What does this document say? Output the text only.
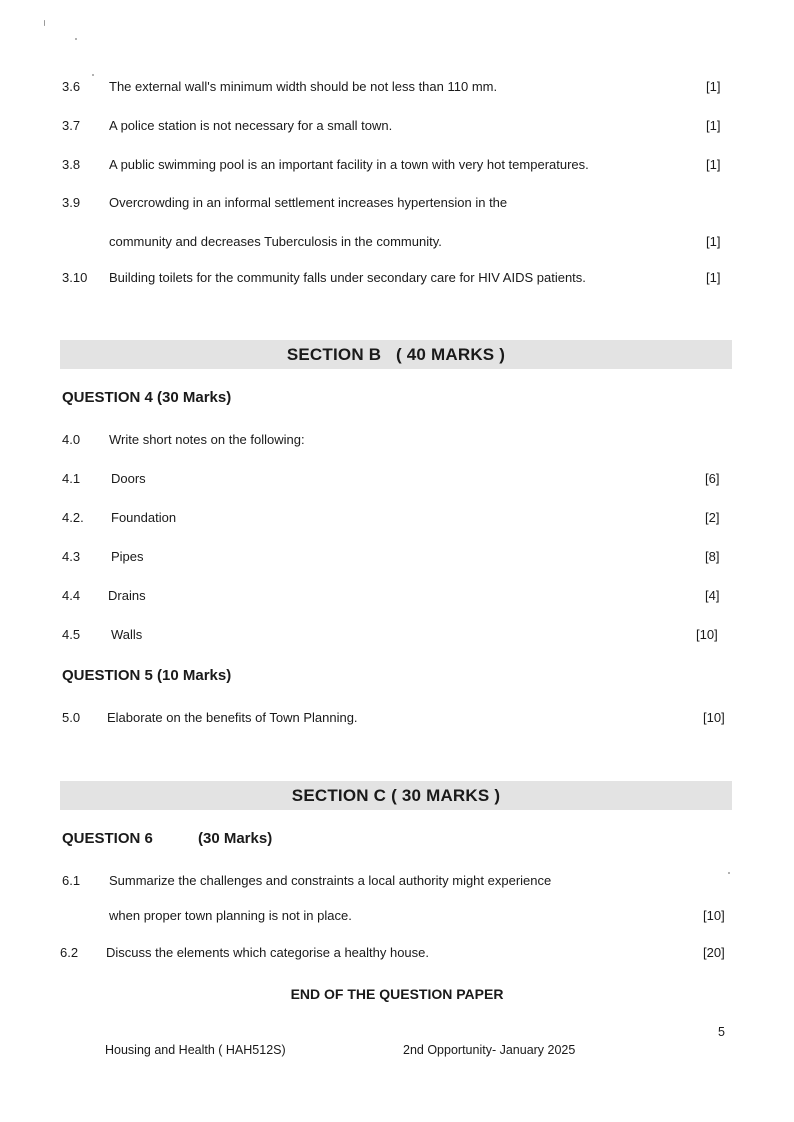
3.6 The external wall's minimum width should be not less than 110 mm.	[1]
3.7 A police station is not necessary for a small town.	[1]
3.8 A public swimming pool is an important facility in a town with very hot temperatures.	[1]
3.9 Overcrowding in an informal settlement increases hypertension in the
community and decreases Tuberculosis in the community.	[1]
3.10 Building toilets for the community falls under secondary care for HIV AIDS patients.	[1]
SECTION B   ( 40 MARKS )
QUESTION 4 (30 Marks)
4.0 Write short notes on the following:
4.1 Doors	[6]
4.2. Foundation	[2]
4.3 Pipes	[8]
4.4 Drains	[4]
4.5 Walls	[10]
QUESTION 5 (10 Marks)
5.0 Elaborate on the benefits of Town Planning.	[10]
SECTION C ( 30 MARKS )
QUESTION 6	(30 Marks)
6.1 Summarize the challenges and constraints a local authority might experience
when proper town planning is not in place.	[10]
6.2 Discuss the elements which categorise a healthy house.	[20]
END OF THE QUESTION PAPER
5
Housing and Health ( HAH512S)	2nd Opportunity- January 2025
